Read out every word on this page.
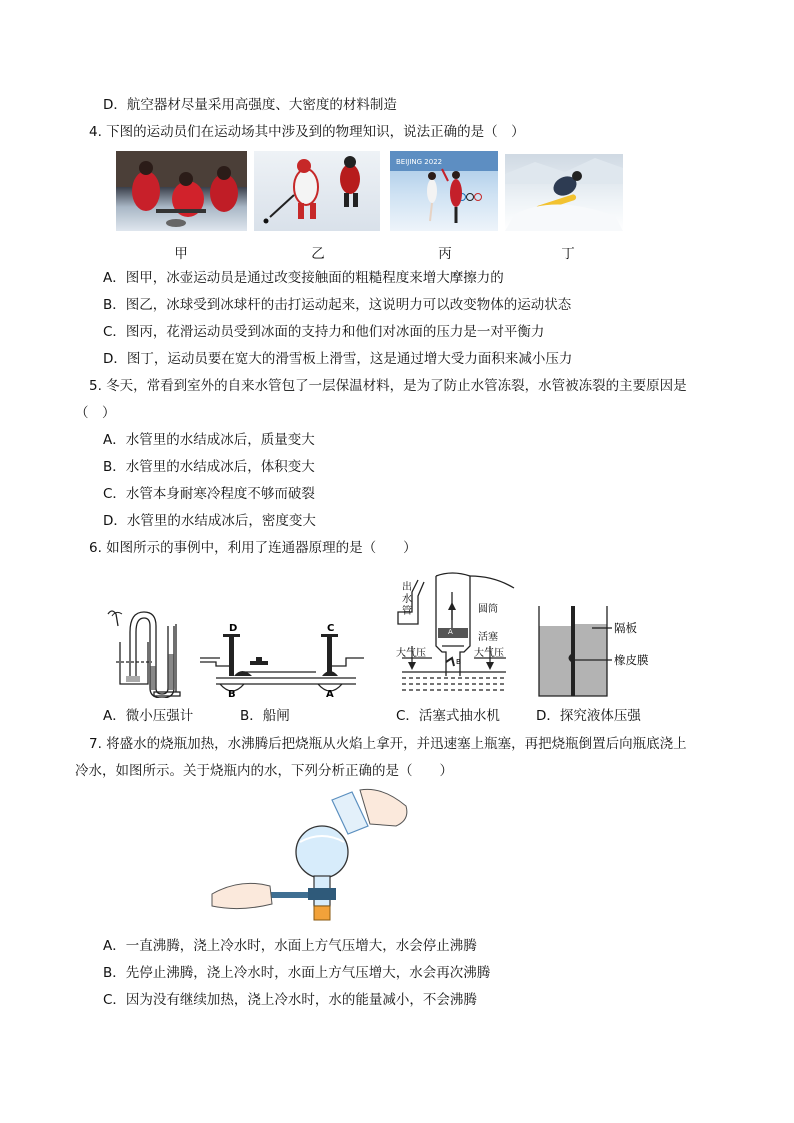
D．航空器材尽量采用高强度、大密度的材料制造
4. 下图的运动员们在运动场其中涉及到的物理知识，说法正确的是（　）
BEIJING 2022
甲	乙	丙	丁
A．图甲，冰壶运动员是通过改变接触面的粗糙程度来增大摩擦力的
B．图乙，冰球受到冰球杆的击打运动起来，这说明力可以改变物体的运动状态
C．图丙，花滑运动员受到冰面的支持力和他们对冰面的压力是一对平衡力
D．图丁，运动员要在宽大的滑雪板上滑雪，这是通过增大受力面积来减小压力
5. 冬天，常看到室外的自来水管包了一层保温材料，是为了防止水管冻裂，水管被冻裂的主要原因是
（　）
A．水管里的水结成冰后，质量变大
B．水管里的水结成冰后，体积变大
C．水管本身耐寒冷程度不够而破裂
D．水管里的水结成冰后，密度变大
6. 如图所示的事例中，利用了连通器原理的是（　　）
D	C
B	A
出
水
管	圆筒
活塞
大气压	大气压
A
B
隔板
橡皮膜
A．微小压强计	B．船闸	C．活塞式抽水机	D．探究液体压强
7. 将盛水的烧瓶加热，水沸腾后把烧瓶从火焰上拿开，并迅速塞上瓶塞，再把烧瓶倒置后向瓶底浇上
冷水，如图所示。关于烧瓶内的水，下列分析正确的是（　　）
A．一直沸腾，浇上冷水时，水面上方气压增大，水会停止沸腾
B．先停止沸腾，浇上冷水时，水面上方气压增大，水会再次沸腾
C．因为没有继续加热，浇上冷水时，水的能量减小，不会沸腾
